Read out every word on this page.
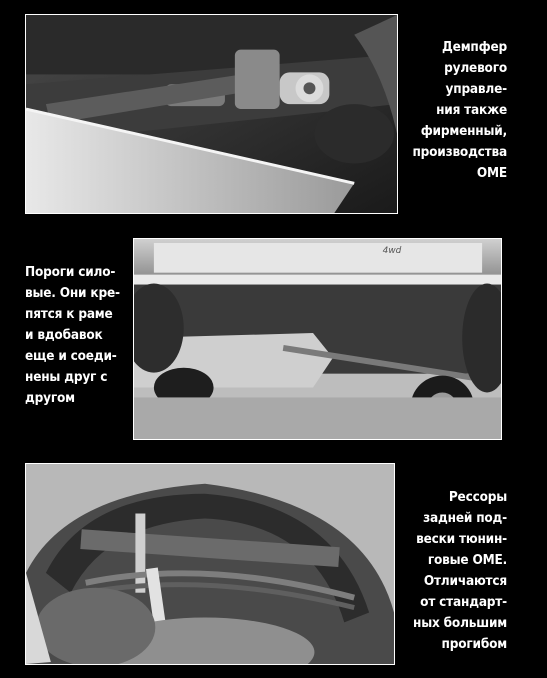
Демпфер
рулевого
управле-
ния также
фирменный,
производства
OME
4wd
Пороги сило-
вые. Они кре-
пятся к раме
и вдобавок
еще и соеди-
нены друг с
другом
Рессоры
задней под-
вески тюнин-
говые OME.
Отличаются
от стандарт-
ных большим
прогибом
